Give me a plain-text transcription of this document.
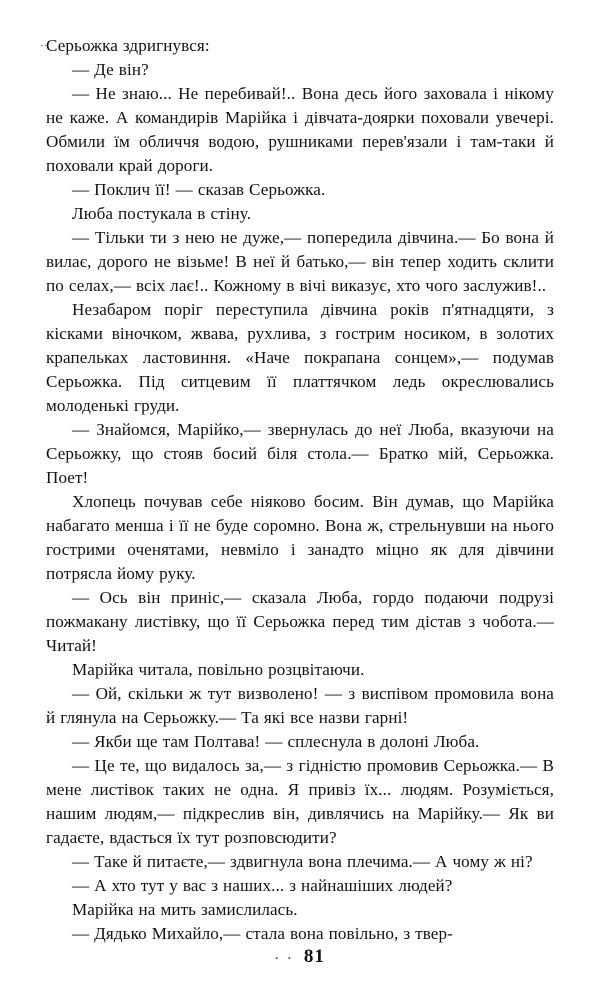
··

Серьожка здригнувся:

— Де він?

— Не знаю... Не перебивай!.. Вона десь його заховала і нікому не каже. А командирів Марійка і дівчата-доярки поховали увечері. Обмили їм обличчя водою, рушниками перев'язали і там-таки й поховали край дороги.

— Поклич її! — сказав Серьожка.

Люба постукала в стіну.

— Тільки ти з нею не дуже,— попередила дівчина.— Бо вона й вилає, дорого не візьме! В неї й батько,— він тепер ходить склити по селах,— всіх лає!.. Кожному в вічі виказує, хто чого заслужив!..

Незабаром поріг переступила дівчина років п'ятнадцяти, з кісками віночком, жвава, рухлива, з гострим носиком, в золотих крапельках ластовиння. «Наче покрапана сонцем»,— подумав Серьожка. Під ситцевим її платтячком ледь окреслювались молоденькі груди.

— Знайомся, Марійко,— звернулась до неї Люба, вказуючи на Серьожку, що стояв босий біля стола.— Братко мій, Серьожка. Поет!

Хлопець почував себе ніяково босим. Він думав, що Марійка набагато менша і її не буде соромно. Вона ж, стрельнувши на нього гострими оченятами, невміло і занадто міцно як для дівчини потрясла йому руку.

— Ось він приніс,— сказала Люба, гордо подаючи подрузі пожмакану листівку, що її Серьожка перед тим дістав з чобота.— Читай!

Марійка читала, повільно розцвітаючи.

— Ой, скільки ж тут визволено! — з виспівом промовила вона й глянула на Серьожку.— Та які все назви гарні!

— Якби ще там Полтава! — сплеснула в долоні Люба.

— Це те, що видалось за,— з гідністю промовив Серьожка.— В мене листівок таких не одна. Я привіз їх... людям. Розуміється, нашим людям,— підкреслив він, дивлячись на Марійку.— Як ви гадаєте, вдасться їх тут розповсюдити?

— Таке й питаєте,— здвигнула вона плечима.— А чому ж ні?

— А хто тут у вас з наших... з найнашіших людей?

Марійка на мить замислилась.

— Дядько Михайло,— стала вона повільно, з твер-

. . 81
